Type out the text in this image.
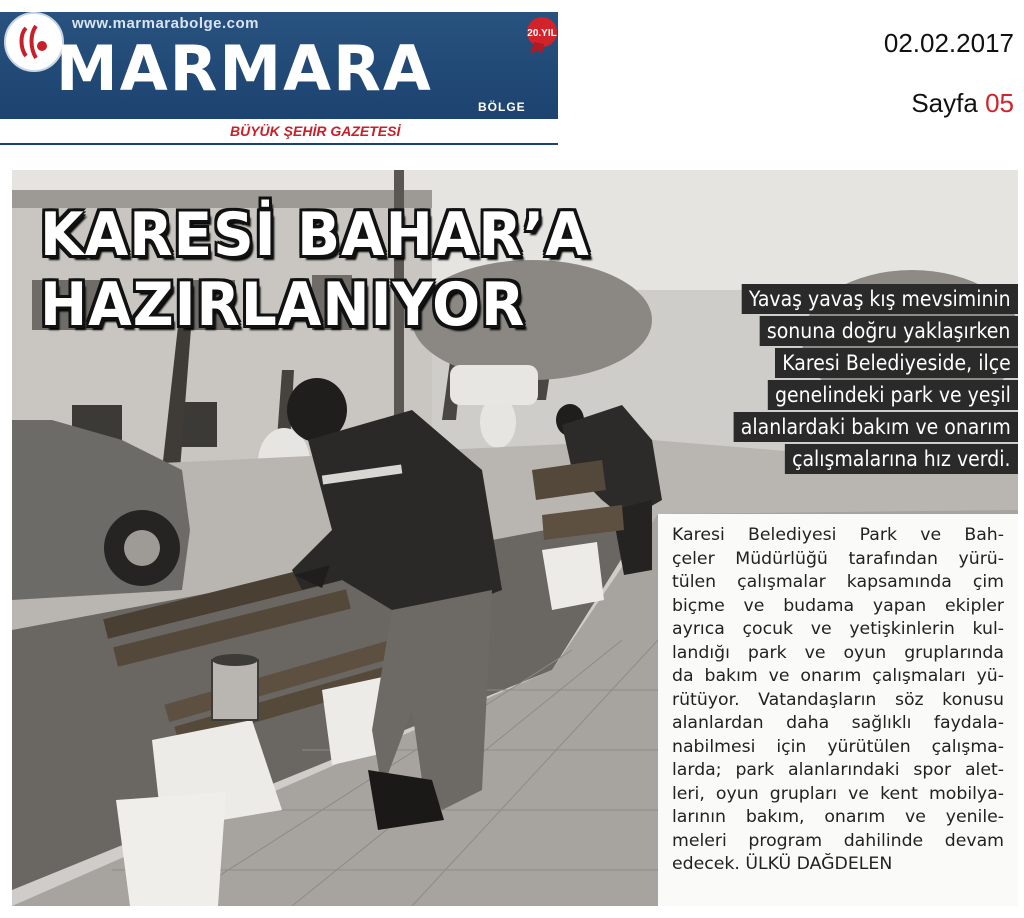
www.marmarabolge.com
MARMARA
BÖLGE
20.YIL
BÜYÜK ŞEHİR GAZETESİ
02.02.2017
Sayfa 05
KARESİ BAHAR’A HAZIRLANIYOR	Yavaş yavaş kış mevsiminin
sonuna doğru yaklaşırken
Karesi Belediyeside, ilçe
genelindeki park ve yeşil
alanlardaki bakım ve onarım
çalışmalarına hız verdi.
Karesi Belediyesi Park ve Bah-
çeler Müdürlüğü tarafından yürü-
tülen çalışmalar kapsamında çim
biçme ve budama yapan ekipler
ayrıca çocuk ve yetişkinlerin kul-
landığı park ve oyun gruplarında
da bakım ve onarım çalışmaları yü-
rütüyor. Vatandaşların söz konusu
alanlardan daha sağlıklı faydala-
nabilmesi için yürütülen çalışma-
larda; park alanlarındaki spor alet-
leri, oyun grupları ve kent mobilya-
larının bakım, onarım ve yenile-
meleri program dahilinde devam
edecek. ÜLKÜ DAĞDELEN
